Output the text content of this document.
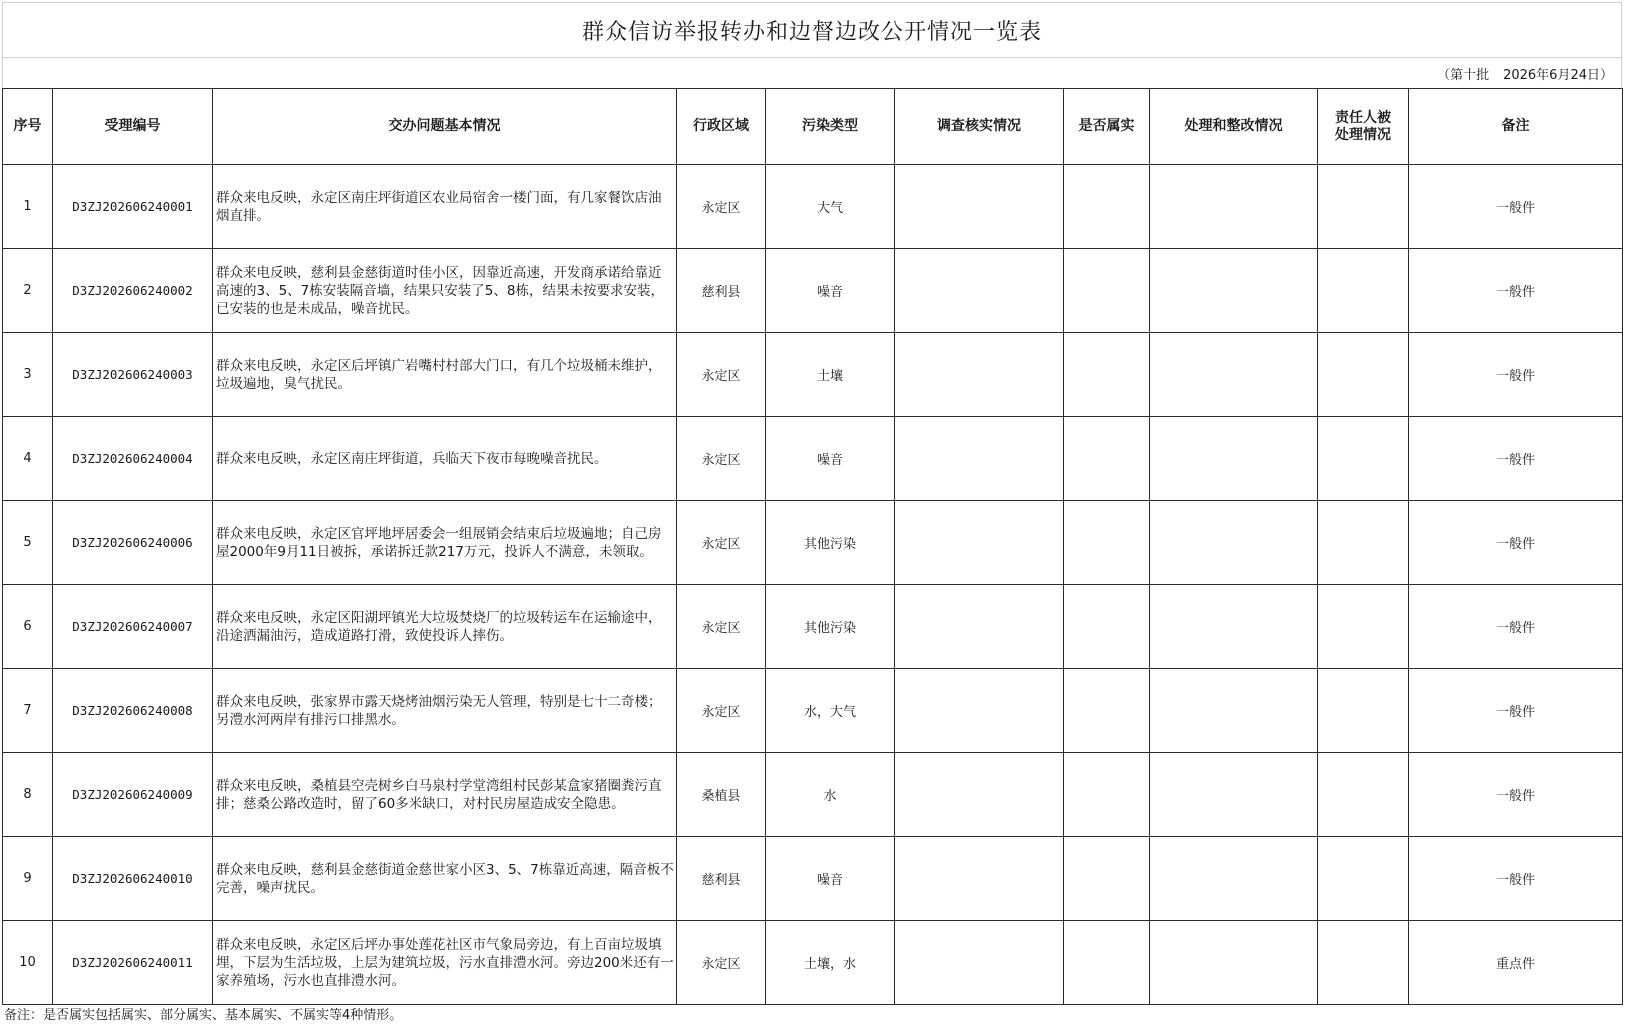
群众信访举报转办和边督边改公开情况一览表
（第十批 2026年6月24日）
序号	受理编号	交办问题基本情况	行政区域	污染类型	调查核实情况	是否属实	处理和整改情况	责任人被处理情况	备注
1	D3ZJ202606240001	群众来电反映，永定区南庄坪街道区农业局宿舍一楼门面，有几家餐饮店油烟直排。	永定区	大气					一般件
2	D3ZJ202606240002	群众来电反映，慈利县金慈街道时佳小区，因靠近高速，开发商承诺给靠近高速的3、5、7栋安装隔音墙，结果只安装了5、8栋，结果未按要求安装，已安装的也是未成品，噪音扰民。	慈利县	噪音					一般件
3	D3ZJ202606240003	群众来电反映，永定区后坪镇广岩嘴村村部大门口，有几个垃圾桶未维护，垃圾遍地，臭气扰民。	永定区	土壤					一般件
4	D3ZJ202606240004	群众来电反映，永定区南庄坪街道，兵临天下夜市每晚噪音扰民。	永定区	噪音					一般件
5	D3ZJ202606240006	群众来电反映，永定区官坪地坪居委会一组展销会结束后垃圾遍地；自己房屋2000年9月11日被拆，承诺拆迁款217万元，投诉人不满意，未领取。	永定区	其他污染					一般件
6	D3ZJ202606240007	群众来电反映，永定区阳湖坪镇光大垃圾焚烧厂的垃圾转运车在运输途中，沿途洒漏油污，造成道路打滑，致使投诉人摔伤。	永定区	其他污染					一般件
7	D3ZJ202606240008	群众来电反映，张家界市露天烧烤油烟污染无人管理，特别是七十二奇楼；另澧水河两岸有排污口排黑水。	永定区	水，大气					一般件
8	D3ZJ202606240009	群众来电反映，桑植县空壳树乡白马泉村学堂湾组村民彭某盒家猪圈粪污直排；慈桑公路改造时，留了60多米缺口，对村民房屋造成安全隐患。	桑植县	水					一般件
9	D3ZJ202606240010	群众来电反映，慈利县金慈街道金慈世家小区3、5、7栋靠近高速，隔音板不完善，噪声扰民。	慈利县	噪音					一般件
10	D3ZJ202606240011	群众来电反映，永定区后坪办事处莲花社区市气象局旁边，有上百亩垃圾填埋，下层为生活垃圾，上层为建筑垃圾，污水直排澧水河。旁边200米还有一家养殖场，污水也直排澧水河。	永定区	土壤，水					重点件
备注：是否属实包括属实、部分属实、基本属实、不属实等4种情形。
